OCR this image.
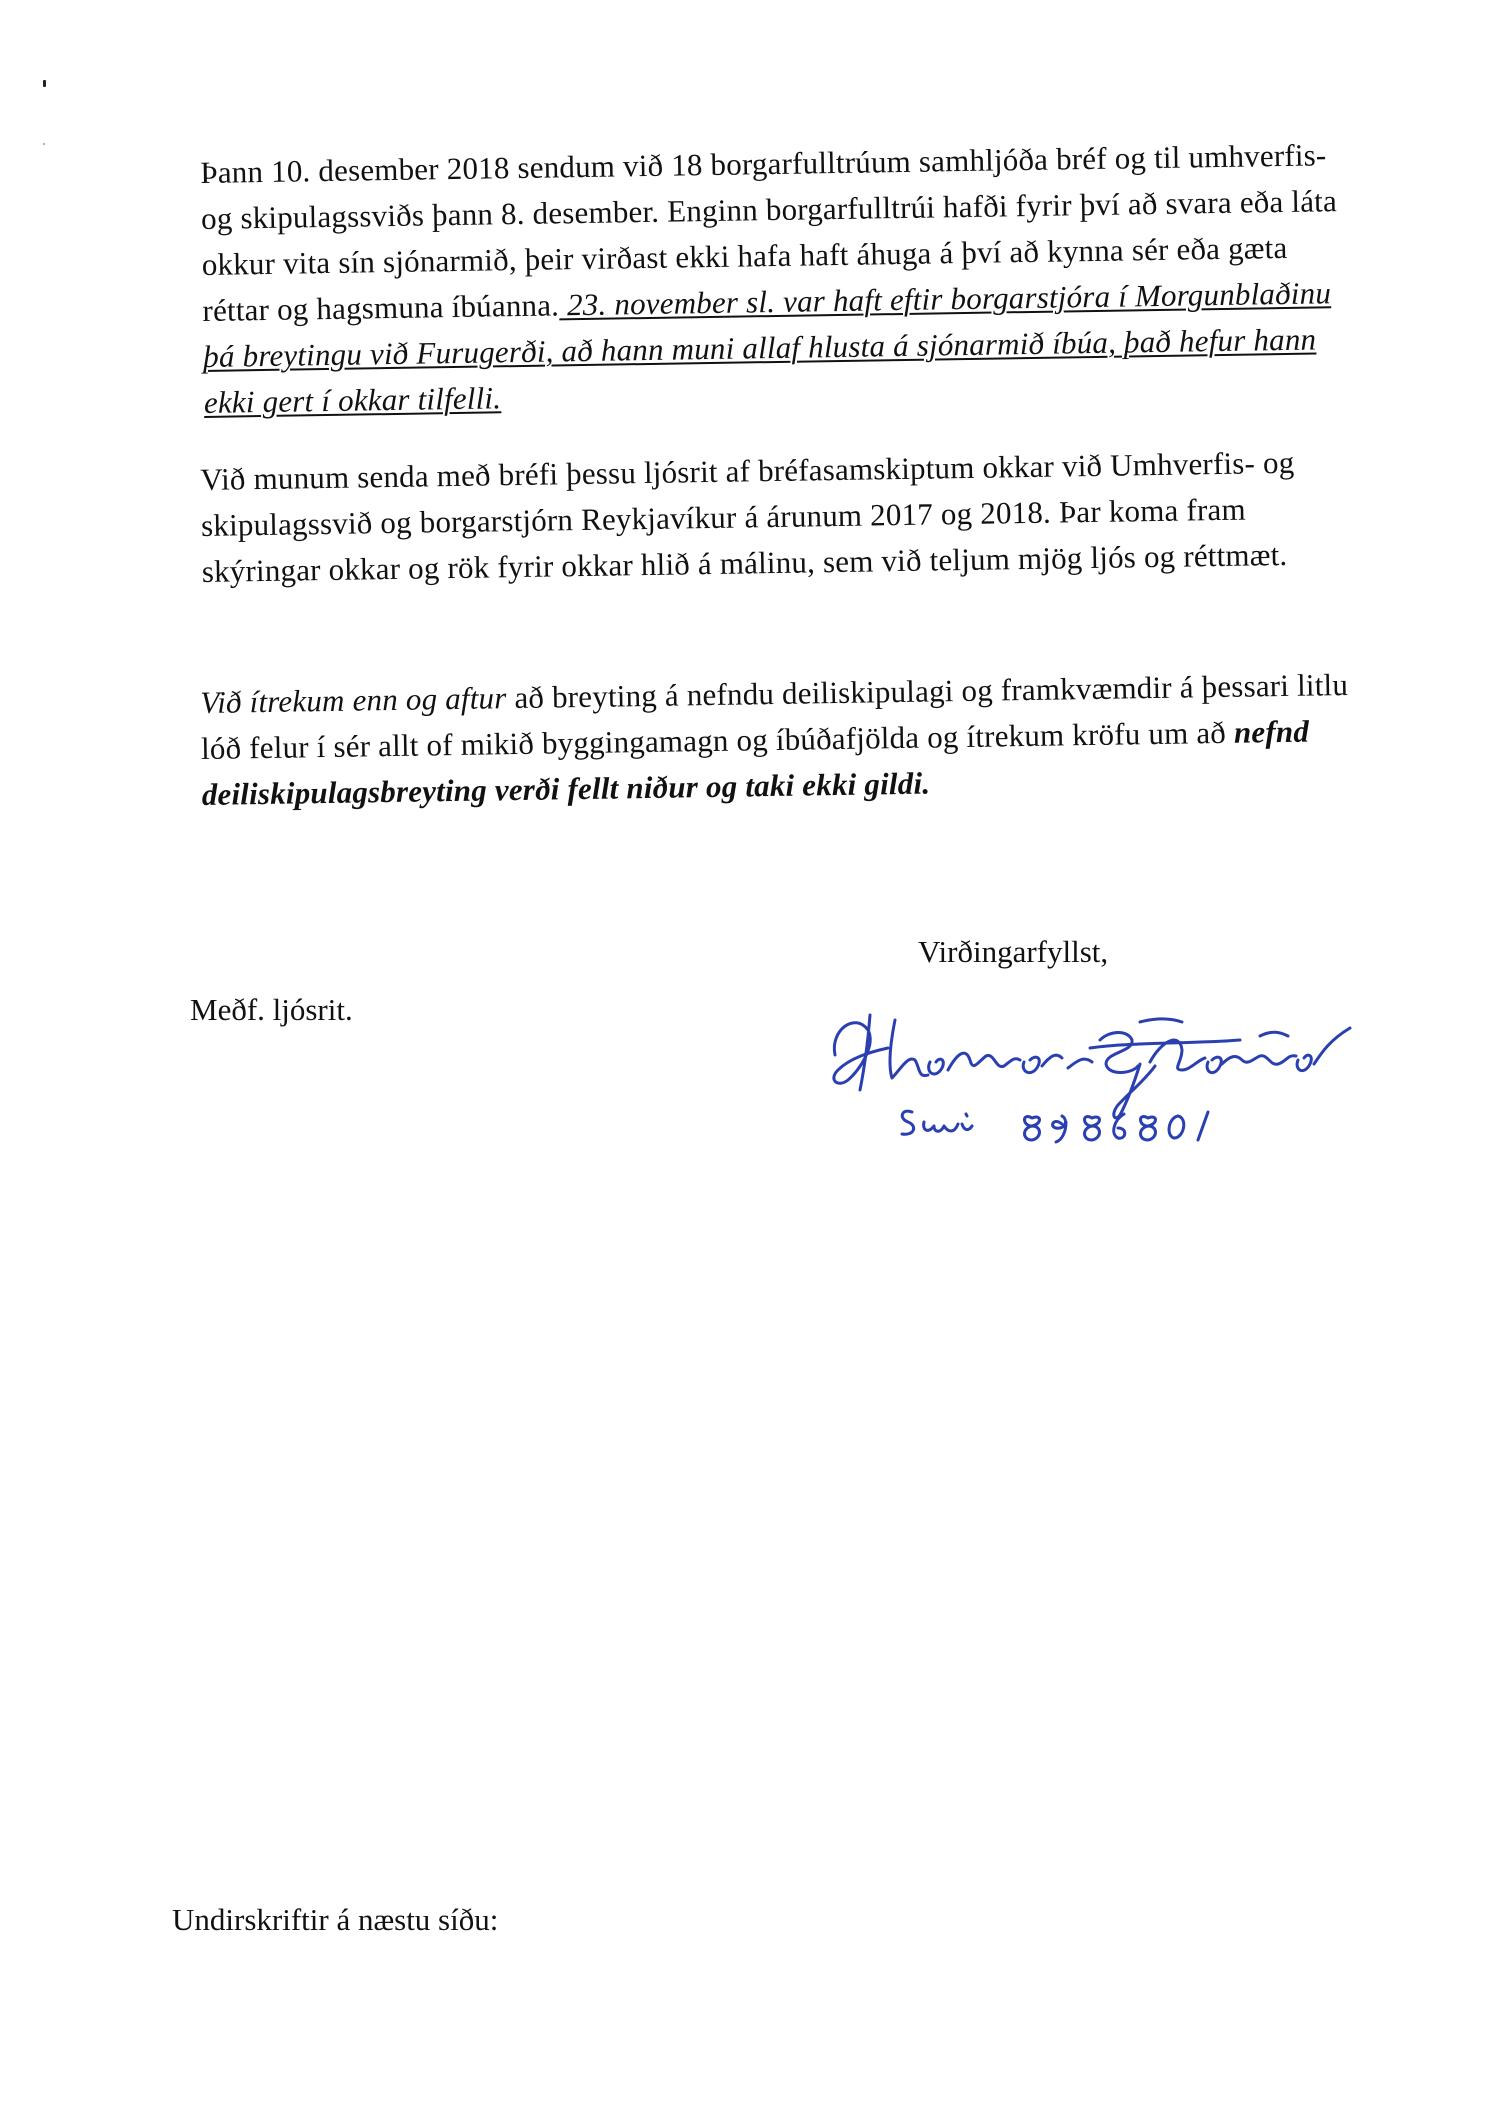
Þann 10. desember 2018 sendum við 18 borgarfulltrúum samhljóða bréf og til umhverfis- og skipulagssviðs þann 8. desember. Enginn borgarfulltrúi hafði fyrir því að svara eða láta okkur vita sín sjónarmið, þeir virðast ekki hafa haft áhuga á því að kynna sér eða gæta réttar og hagsmuna íbúanna. 23. november sl. var haft eftir borgarstjóra í Morgunblaðinu þá breytingu við Furugerði, að hann muni allaf hlusta á sjónarmið íbúa, það hefur hann ekki gert í okkar tilfelli.
Við munum senda með bréfi þessu ljósrit af bréfasamskiptum okkar við Umhverfis- og skipulagssvið og borgarstjórn Reykjavíkur á árunum 2017 og 2018. Þar koma fram skýringar okkar og rök fyrir okkar hlið á málinu, sem við teljum mjög ljós og réttmæt.
Við ítrekum enn og aftur að breyting á nefndu deiliskipulagi og framkvæmdir á þessari litlu lóð felur í sér allt of mikið byggingamagn og íbúðafjölda og ítrekum kröfu um að nefnd deiliskipulagsbreyting verði fellt niður og taki ekki gildi.
Virðingarfyllst,
Meðf. ljósrit.
Undirskriftir á næstu síðu:
